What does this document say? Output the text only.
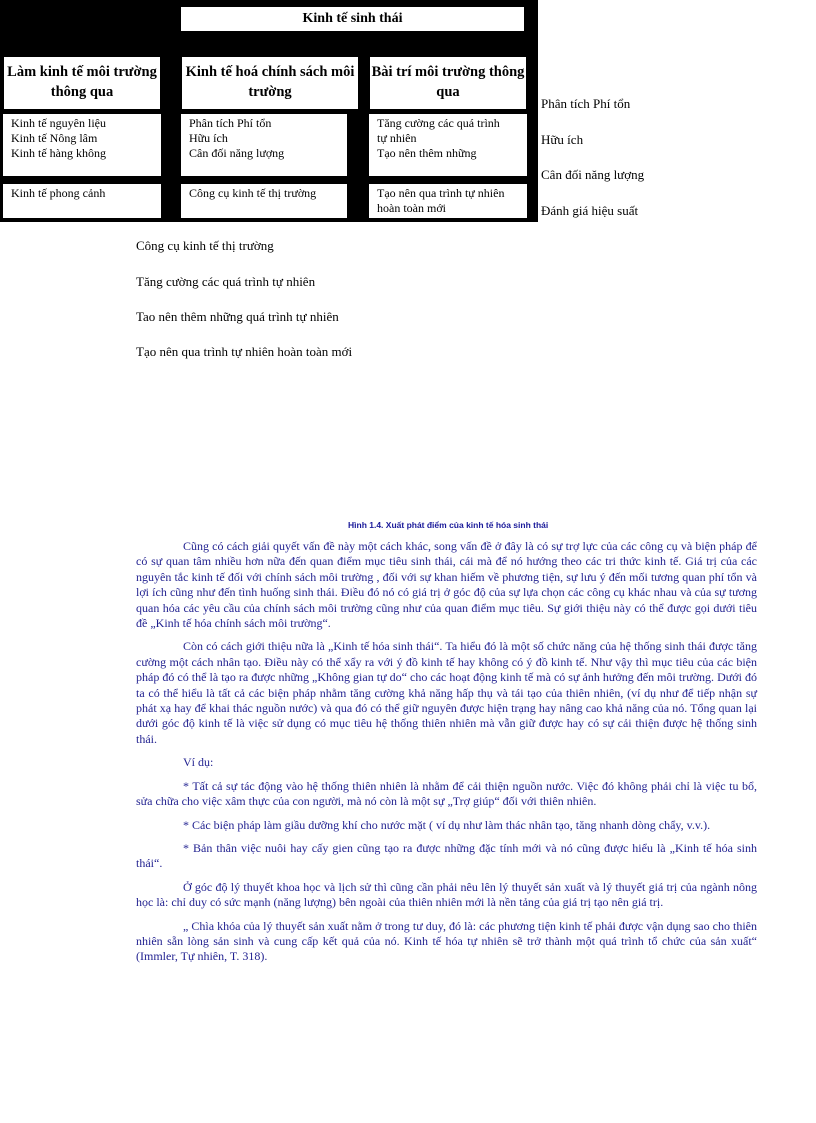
Kinh tế sinh thái
Làm kinh tế môi trường thông qua
Kinh tế hoá chính sách môi trường
Bài trí môi trường thông qua
Kinh tế nguyên liệu
Kinh tế Nông lâm
Kinh tế hàng không
Phân tích Phí tổn
Hữu ích
Cân đối năng lượng
Tăng cường các quá trình tự nhiên
Tạo nên thêm những
Kinh tế phong cảnh	Công cụ kinh tế thị trường	Tạo nên qua trình tự nhiên hoàn toàn mới
Phân tích Phí tổn
Hữu ích
Cân đối năng lượng
Đánh giá hiệu suất
Công cụ kinh tế thị trường
Tăng cường các quá trình tự nhiên
Tao nên thêm những quá trình tự nhiên
Tạo nên qua trình tự nhiên hoàn toàn mới
Hình 1.4. Xuất phát điểm của kinh tế hóa sinh thái

Cũng có cách giải quyết vấn đề này một cách khác, song vấn đề ở đây là có sự trợ lực của các công cụ và biện pháp để có sự quan tâm nhiều hơn nữa đến quan điểm mục tiêu sinh thái, cái mà để nó hướng theo các tri thức kinh tế. Giá trị của các nguyên tắc kinh tế đối với chính sách môi trường , đối với sự khan hiếm về phương tiện, sự lưu ý đến mối tương quan phí tổn và lợi ích cũng như đến tình huống sinh thái. Điều đó nó có giá trị ở góc độ của sự lựa chọn các công cụ khác nhau và của sự tương quan hóa các yêu cầu của chính sách môi trường cũng như của quan điểm mục tiêu. Sự giới thiệu này có thể được gọi dưới tiêu đề „Kinh tế hóa chính sách môi trường“.

Còn có cách giới thiệu nữa là „Kinh tế hóa sinh thái“. Ta hiểu đó là một số chức năng của hệ thống sinh thái được tăng cường một cách nhân tạo. Điều này có thể xẩy ra với ý đồ kinh tế hay không có ý đồ kinh tế. Như vậy thì mục tiêu của các biện pháp đó có thể là tạo ra được những „Không gian tự do“ cho các hoạt động kinh tế mà có sự ảnh hưởng đến môi trường. Dưới đó ta có thể hiểu là tất cả các biện pháp nhằm tăng cường khả năng hấp thụ và tái tạo của thiên nhiên, (ví dụ như để tiếp nhận sự phát xạ hay để khai thác nguồn nước) và qua đó có thể giữ nguyên được hiện trạng hay nâng cao khả năng của nó. Tổng quan lại dưới góc độ kinh tế là việc sử dụng có mục tiêu hệ thống thiên nhiên mà vẫn giữ được hay có sự cải thiện được hệ thống sinh thái.

Ví dụ:

* Tất cả sự tác động vào hệ thống thiên nhiên là nhằm để cải thiện nguồn nước. Việc đó không phải chỉ là việc tu bổ, sửa chữa cho việc xâm thực của con người, mà nó còn là một sự „Trợ giúp“ đối với thiên nhiên.

* Các biện pháp làm giầu dưỡng khí cho nước mặt ( ví dụ như làm thác nhân tạo, tăng nhanh dòng chẩy, v.v.).

* Bản thân việc nuôi hay cấy gien cũng tạo ra được những đặc tính mới và nó cũng được hiểu là „Kinh tế hóa sinh thái“.

Ở góc độ lý thuyết khoa học và lịch sử thì cũng cần phải nêu lên lý thuyết sản xuất và lý thuyết giá trị của ngành nông học là: chỉ duy có sức mạnh (năng lượng) bên ngoài của thiên nhiên mới là nền tảng của giá trị tạo nên giá trị.

„ Chìa khóa của lý thuyết sản xuất nằm ở trong tư duy, đó là: các phương tiện kinh tế phải được vận dụng sao cho thiên nhiên sẵn lòng sản sinh và cung cấp kết quả của nó. Kinh tế hóa tự nhiên sẽ trở thành một quá trình tổ chức của sản xuất“ (Immler, Tự nhiên, T. 318).
